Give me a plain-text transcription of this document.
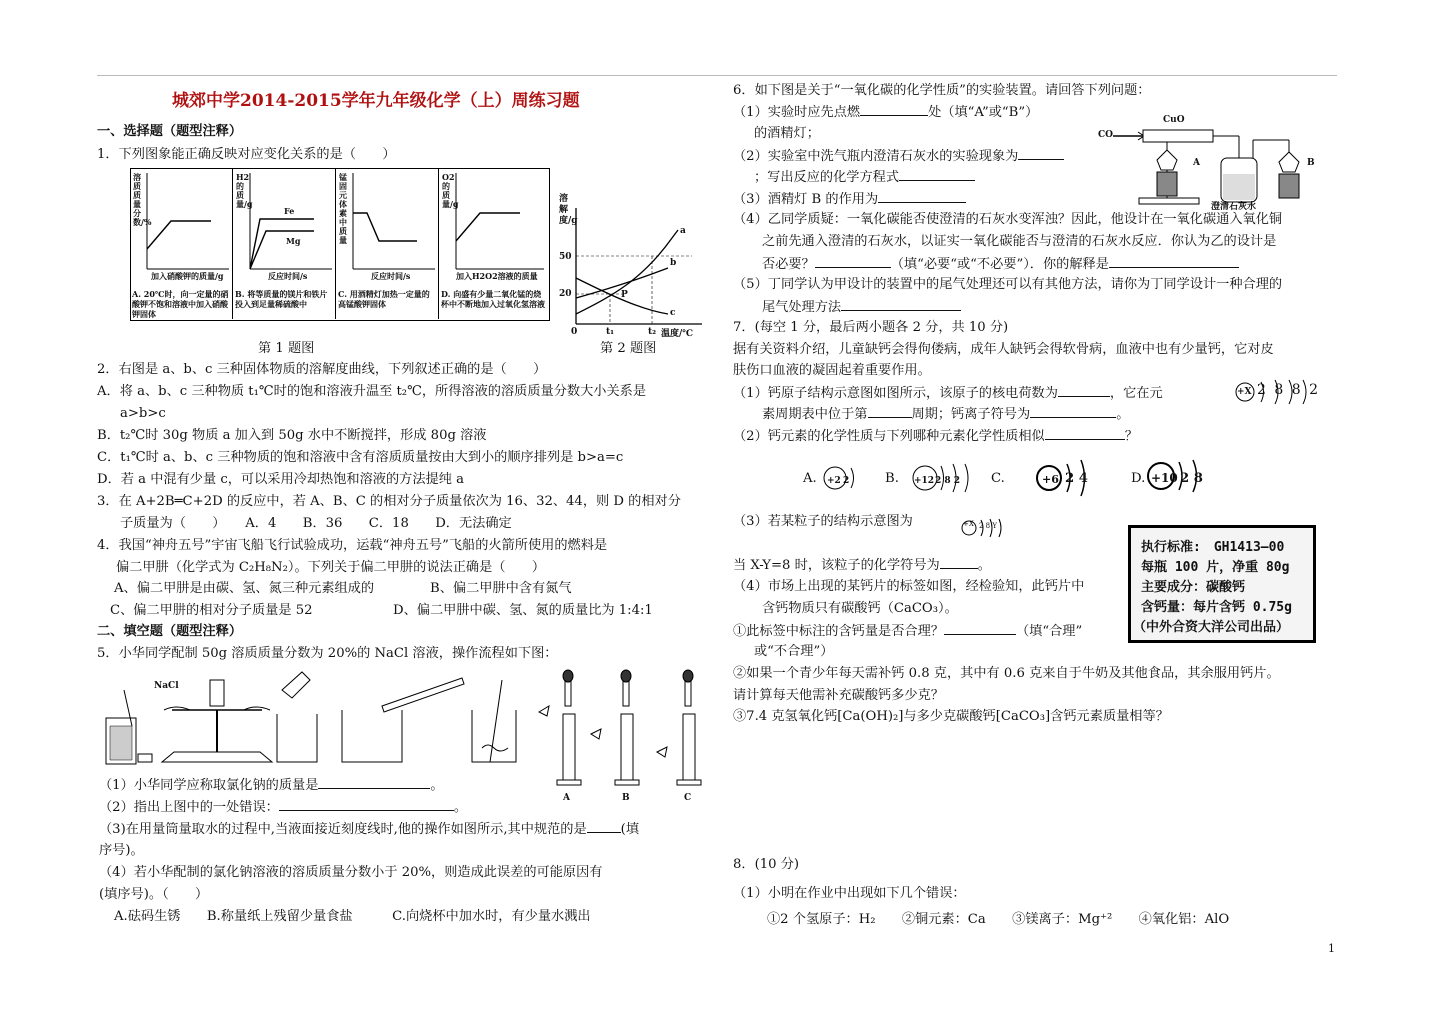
城郊中学2014-2015学年九年级化学（上）周练习题
一、选择题（题型注释）
1．下列图象能正确反映对应变化关系的是（　　）
溶质质量分数/%
加入硝酸钾的质量/g
A. 20℃时，向一定量的硝酸钾不饱和溶液中加入硝酸钾固体
H2的质量/g
Fe
Mg
反应时间/s
B. 将等质量的镁片和铁片投入到足量稀硫酸中
锰固元体素中质量
反应时间/s
C. 用酒精灯加热一定量的高锰酸钾固体
O2的质量/g
加入H2O2溶液的质量
D. 向盛有少量二氧化锰的烧杯中不断地加入过氧化氢溶液
溶解度/g
50
20
0	t₁	t₂ 温度/℃
a
b
c
P
第 1 题图	第 2 题图
2．右图是 a、b、c 三种固体物质的溶解度曲线，下列叙述正确的是（　　）
A．将 a、b、c 三种物质 t₁℃时的饱和溶液升温至 t₂℃，所得溶液的溶质质量分数大小关系是
a>b>c
B．t₂℃时 30g 物质 a 加入到 50g 水中不断搅拌，形成 80g 溶液
C．t₁℃时 a、b、c 三种物质的饱和溶液中含有溶质质量按由大到小的顺序排列是 b>a=c
D．若 a 中混有少量 c，可以采用冷却热饱和溶液的方法提纯 a
3．在 A+2B═C+2D 的反应中，若 A、B、C 的相对分子质量依次为 16、32、44，则 D 的相对分
子质量为（　　）　　A．4　　B．36　　C．18　　D．无法确定
4．我国“神舟五号”宇宙飞船飞行试验成功，运载“神舟五号”飞船的火箭所使用的燃料是
偏二甲肼（化学式为 C₂H₈N₂）。下列关于偏二甲肼的说法正确是（　　）
A、偏二甲肼是由碳、氢、氮三种元素组成的	B、偏二甲肼中含有氮气
C、偏二甲肼的相对分子质量是 52	D、偏二甲肼中碳、氢、氮的质量比为 1:4:1
二、填空题（题型注释）
5．小华同学配制 50g 溶质质量分数为 20%的 NaCl 溶液，操作流程如下图：
NaCl
A	B	C
（1）小华同学应称取氯化钠的质量是	。
（2）指出上图中的一处错误：	。
（3)在用量筒量取水的过程中,当液面接近刻度线时,他的操作如图所示,其中规范的是	(填
序号)。
（4）若小华配制的氯化钠溶液的溶质质量分数小于 20%，则造成此误差的可能原因有
(填序号)。（　　）
A.砝码生锈　　B.称量纸上残留少量食盐　　　C.向烧杯中加水时，有少量水溅出
6．如下图是关于“一氧化碳的化学性质”的实验装置。请回答下列问题：
（1）实验时应先点燃	处（填“A”或“B”）
的酒精灯；
（2）实验室中洗气瓶内澄清石灰水的实验现象为
；写出反应的化学方程式
（3）酒精灯 B 的作用为
（4）乙同学质疑：一氧化碳能否使澄清的石灰水变浑浊？因此，他设计在一氧化碳通入氧化铜
之前先通入澄清的石灰水，以证实一氧化碳能否与澄清的石灰水反应．你认为乙的设计是
否必要？	（填“必要“或“不必要”）．你的解释是
（5）丁同学认为甲设计的装置中的尾气处理还可以有其他方法，请你为丁同学设计一种合理的
尾气处理方法
CO
CuO
A	B
澄清石灰水
7．(每空 1 分，最后两小题各 2 分，共 10 分)
据有关资料介绍，儿童缺钙会得佝偻病，成年人缺钙会得软骨病，血液中也有少量钙，它对皮
肤伤口血液的凝固起着重要作用。
（1）钙原子结构示意图如图所示，该原子的核电荷数为	，它在元
素周期表中位于第	周期；钙离子符号为	。
+X 2 8 8 2
（2）钙元素的化学性质与下列哪种元素化学性质相似	？
A. +2 2	B. +12 2 8 2 C.	+6 2 4	D. +10 2 8
（3）若某粒子的结构示意图为	+X 2 8 Y
当 X-Y=8 时，该粒子的化学符号为	。
（4）市场上出现的某钙片的标签如图，经检验知，此钙片中
含钙物质只有碳酸钙（CaCO₃）。
①此标签中标注的含钙量是否合理？	（填“合理”
或“不合理”）
②如果一个青少年每天需补钙 0.8 克，其中有 0.6 克来自于牛奶及其他食品，其余服用钙片。
请计算每天他需补充碳酸钙多少克？
③7.4 克氢氧化钙[Ca(OH)₂]与多少克碳酸钙[CaCO₃]含钙元素质量相等？
8．(10 分)
（1）小明在作业中出现如下几个错误：
①2 个氢原子：H₂　　②铜元素：Ca　　③镁离子：Mg⁺²　　④氧化铝：AlO
执行标准:　GH1413—00
每瓶 100 片，净重 80g
主要成分：碳酸钙
含钙量：每片含钙 0.75g
（中外合资大洋公司出品）
1
